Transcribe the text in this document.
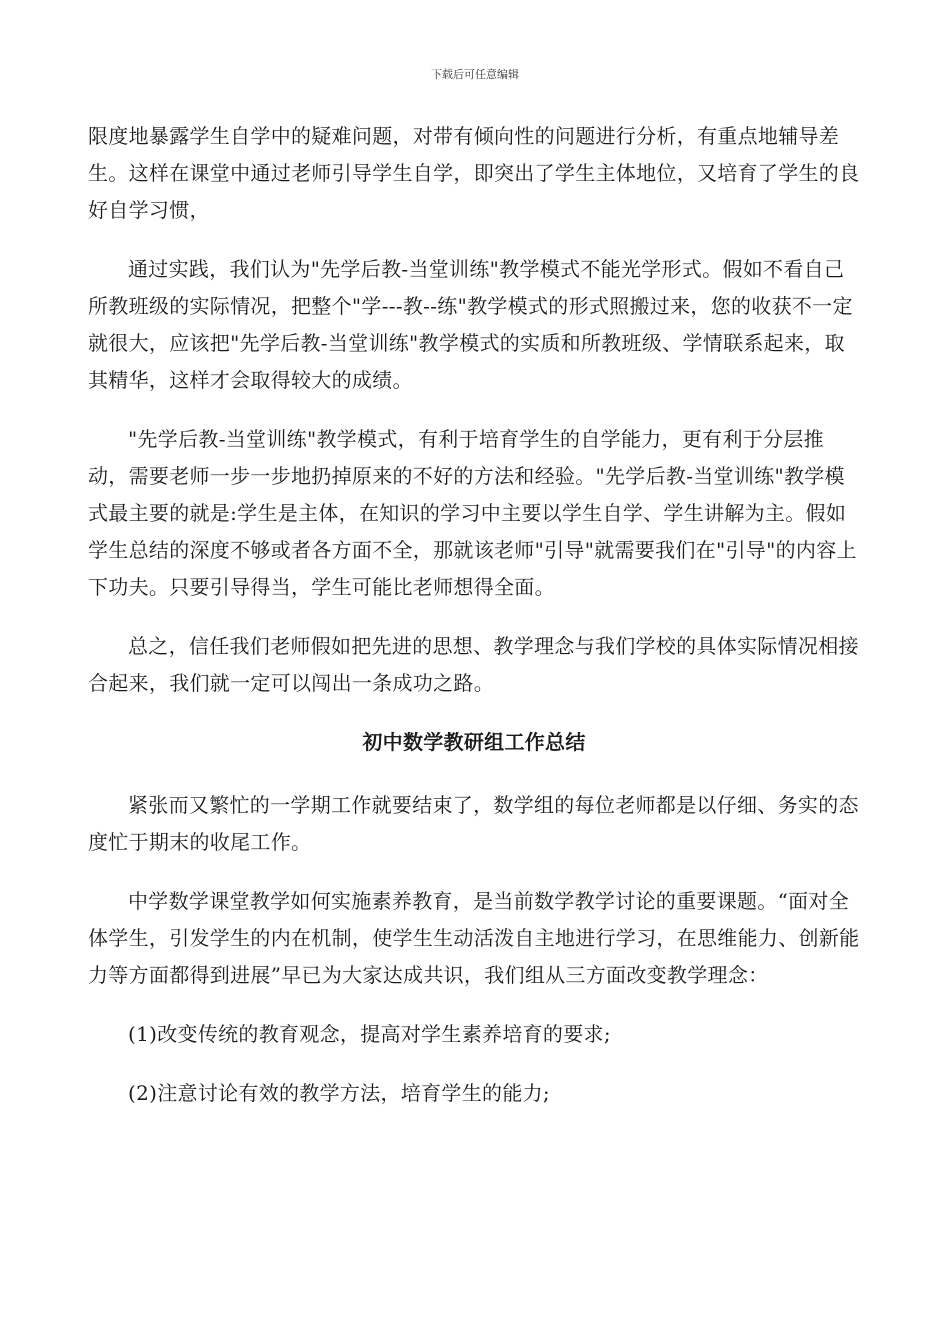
下载后可任意编辑

限度地暴露学生自学中的疑难问题，对带有倾向性的问题进行分析，有重点地辅导差生。这样在课堂中通过老师引导学生自学，即突出了学生主体地位，又培育了学生的良好自学习惯，

通过实践，我们认为"先学后教-当堂训练"教学模式不能光学形式。假如不看自己所教班级的实际情况，把整个"学---教--练"教学模式的形式照搬过来，您的收获不一定就很大，应该把"先学后教-当堂训练"教学模式的实质和所教班级、学情联系起来，取其精华，这样才会取得较大的成绩。

"先学后教-当堂训练"教学模式，有利于培育学生的自学能力，更有利于分层推动，需要老师一步一步地扔掉原来的不好的方法和经验。"先学后教-当堂训练"教学模式最主要的就是:学生是主体，在知识的学习中主要以学生自学、学生讲解为主。假如学生总结的深度不够或者各方面不全，那就该老师"引导"就需要我们在"引导"的内容上下功夫。只要引导得当，学生可能比老师想得全面。

总之，信任我们老师假如把先进的思想、教学理念与我们学校的具体实际情况相接合起来，我们就一定可以闯出一条成功之路。

初中数学教研组工作总结

紧张而又繁忙的一学期工作就要结束了，数学组的每位老师都是以仔细、务实的态度忙于期末的收尾工作。

中学数学课堂教学如何实施素养教育，是当前数学教学讨论的重要课题。“面对全体学生，引发学生的内在机制，使学生生动活泼自主地进行学习，在思维能力、创新能力等方面都得到进展”早已为大家达成共识，我们组从三方面改变教学理念：

(1)改变传统的教育观念，提高对学生素养培育的要求;

(2)注意讨论有效的教学方法，培育学生的能力;
